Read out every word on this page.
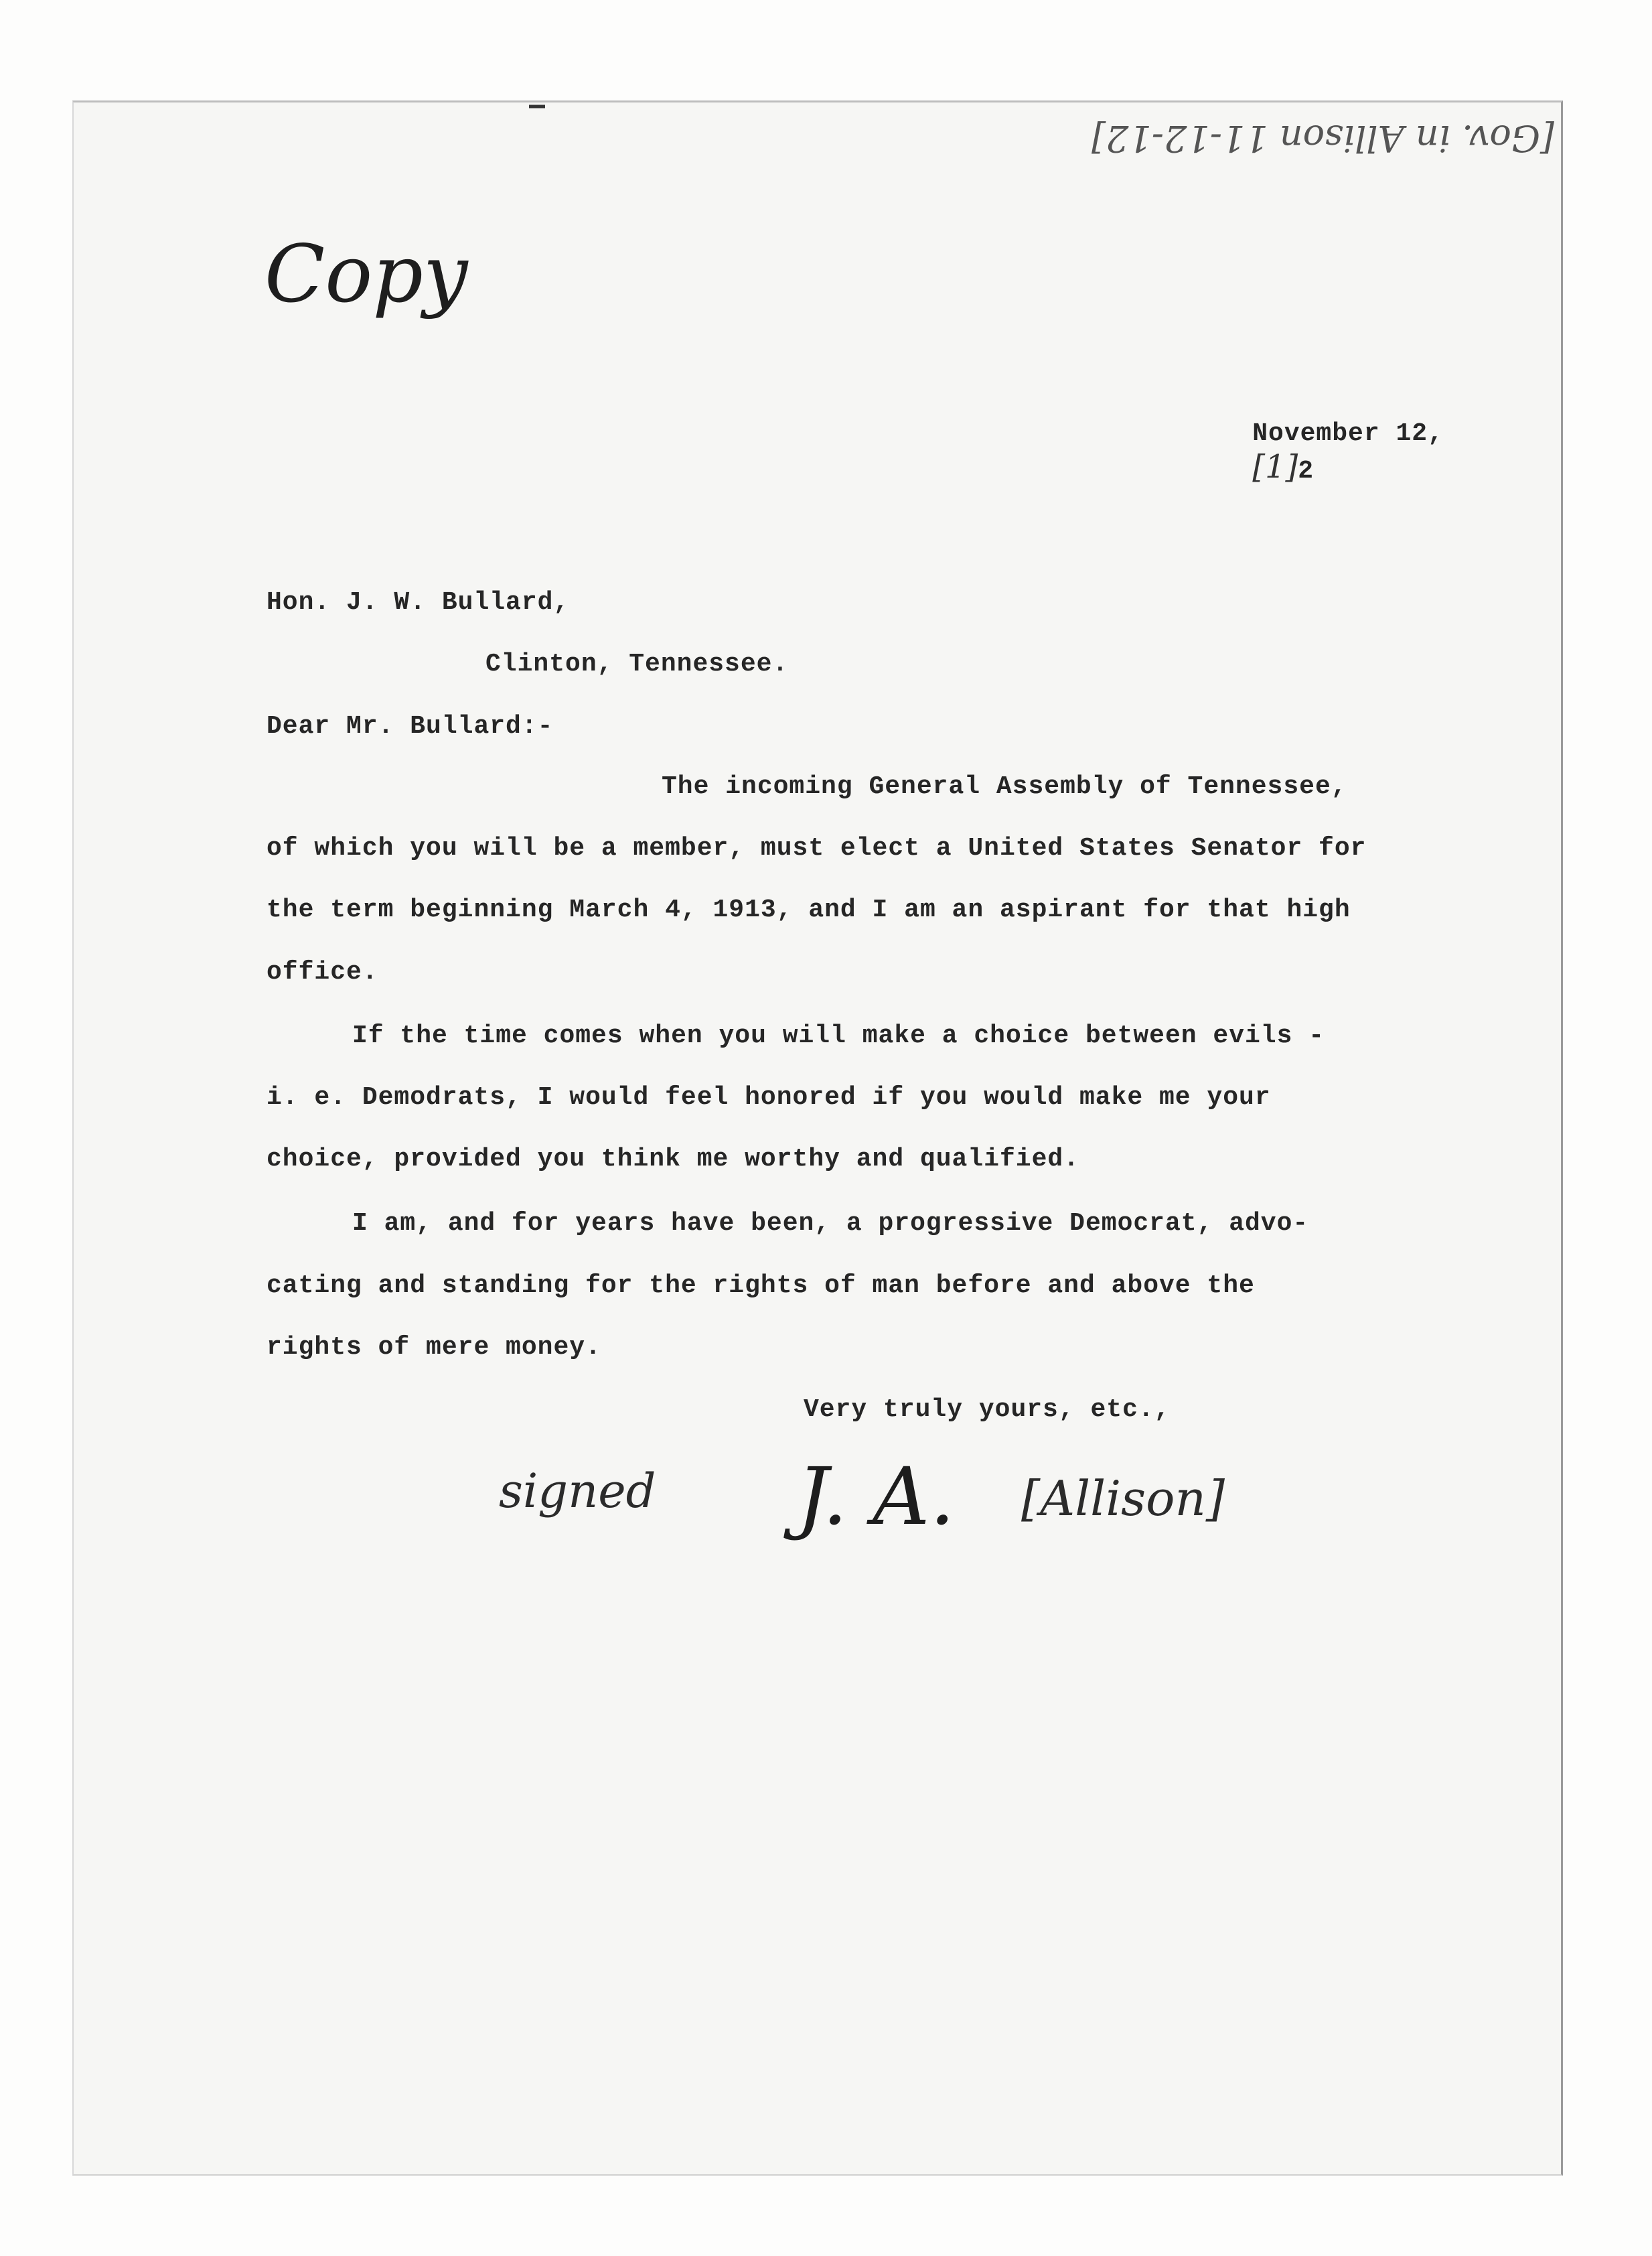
[Gov. in Allison 11-12-12]
Copy

November 12,
[1]2

Hon. J. W. Bullard,

Clinton, Tennessee.

Dear Mr. Bullard:-

The incoming General Assembly of Tennessee,

of which you will be a member, must elect a United States Senator for

the term beginning March 4, 1913, and I am an aspirant for that high

office.

If the time comes when you will make a choice between evils -

i. e. Demodrats, I would feel honored if you would make me your

choice, provided you think me worthy and qualified.

I am, and for years have been, a progressive Democrat, advo-

cating and standing for the rights of man before and above the

rights of mere money.

Very truly yours, etc.,

signed J. A. [Allison]
